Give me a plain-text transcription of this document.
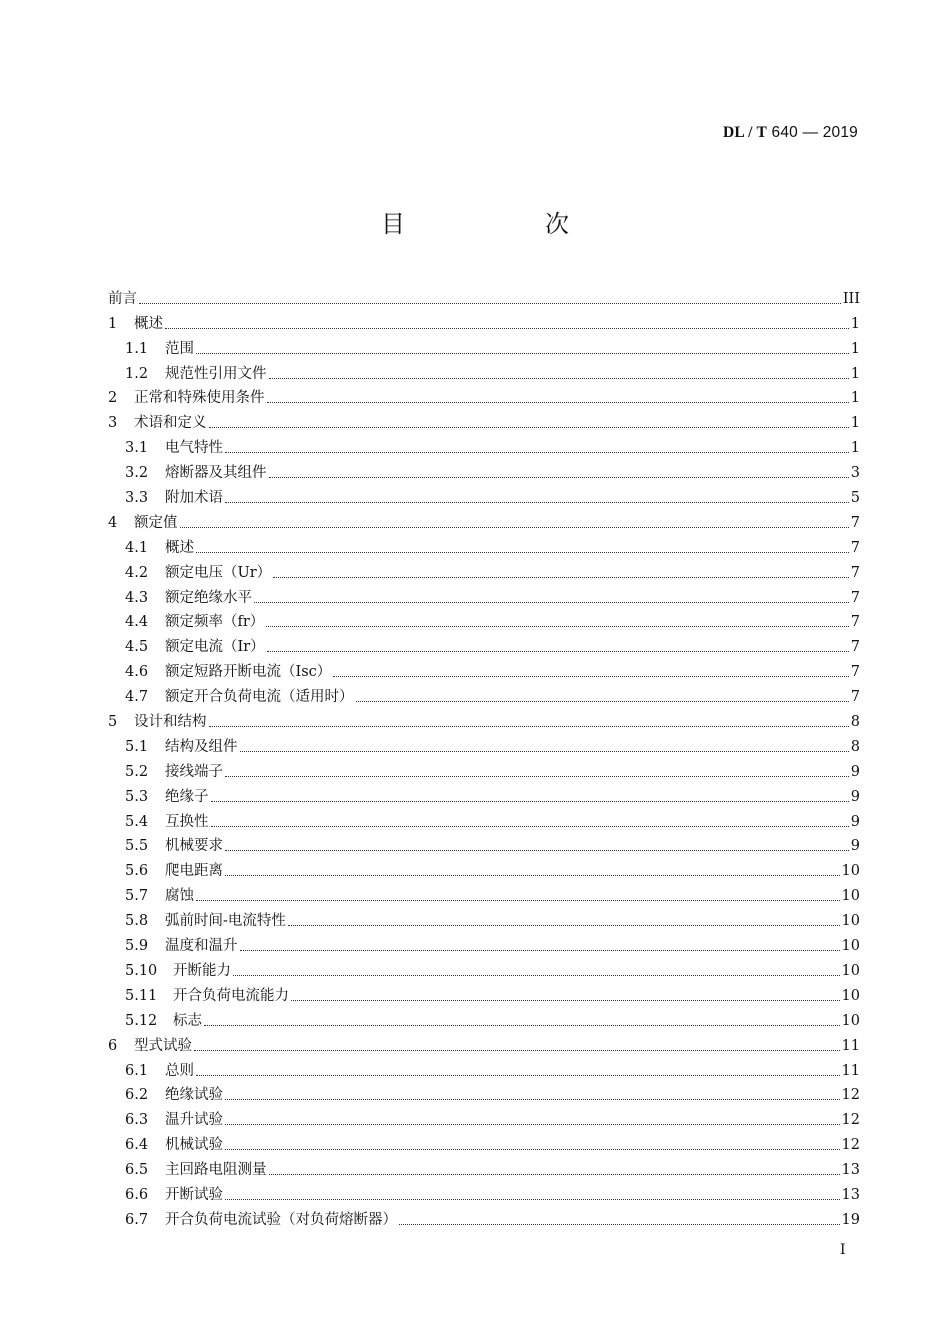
DL / T 640 — 2019
目　次
前言	III
1	概述	1
1.1	范围	1
1.2	规范性引用文件	1
2	正常和特殊使用条件	1
3	术语和定义	1
3.1	电气特性	1
3.2	熔断器及其组件	3
3.3	附加术语	5
4	额定值	7
4.1	概述	7
4.2	额定电压（Ur）	7
4.3	额定绝缘水平	7
4.4	额定频率（fr）	7
4.5	额定电流（Ir）	7
4.6	额定短路开断电流（Isc）	7
4.7	额定开合负荷电流（适用时）	7
5	设计和结构	8
5.1	结构及组件	8
5.2	接线端子	9
5.3	绝缘子	9
5.4	互换性	9
5.5	机械要求	9
5.6	爬电距离	10
5.7	腐蚀	10
5.8	弧前时间-电流特性	10
5.9	温度和温升	10
5.10	开断能力	10
5.11	开合负荷电流能力	10
5.12	标志	10
6	型式试验	11
6.1	总则	11
6.2	绝缘试验	12
6.3	温升试验	12
6.4	机械试验	12
6.5	主回路电阻测量	13
6.6	开断试验	13
6.7	开合负荷电流试验（对负荷熔断器）	19
I
